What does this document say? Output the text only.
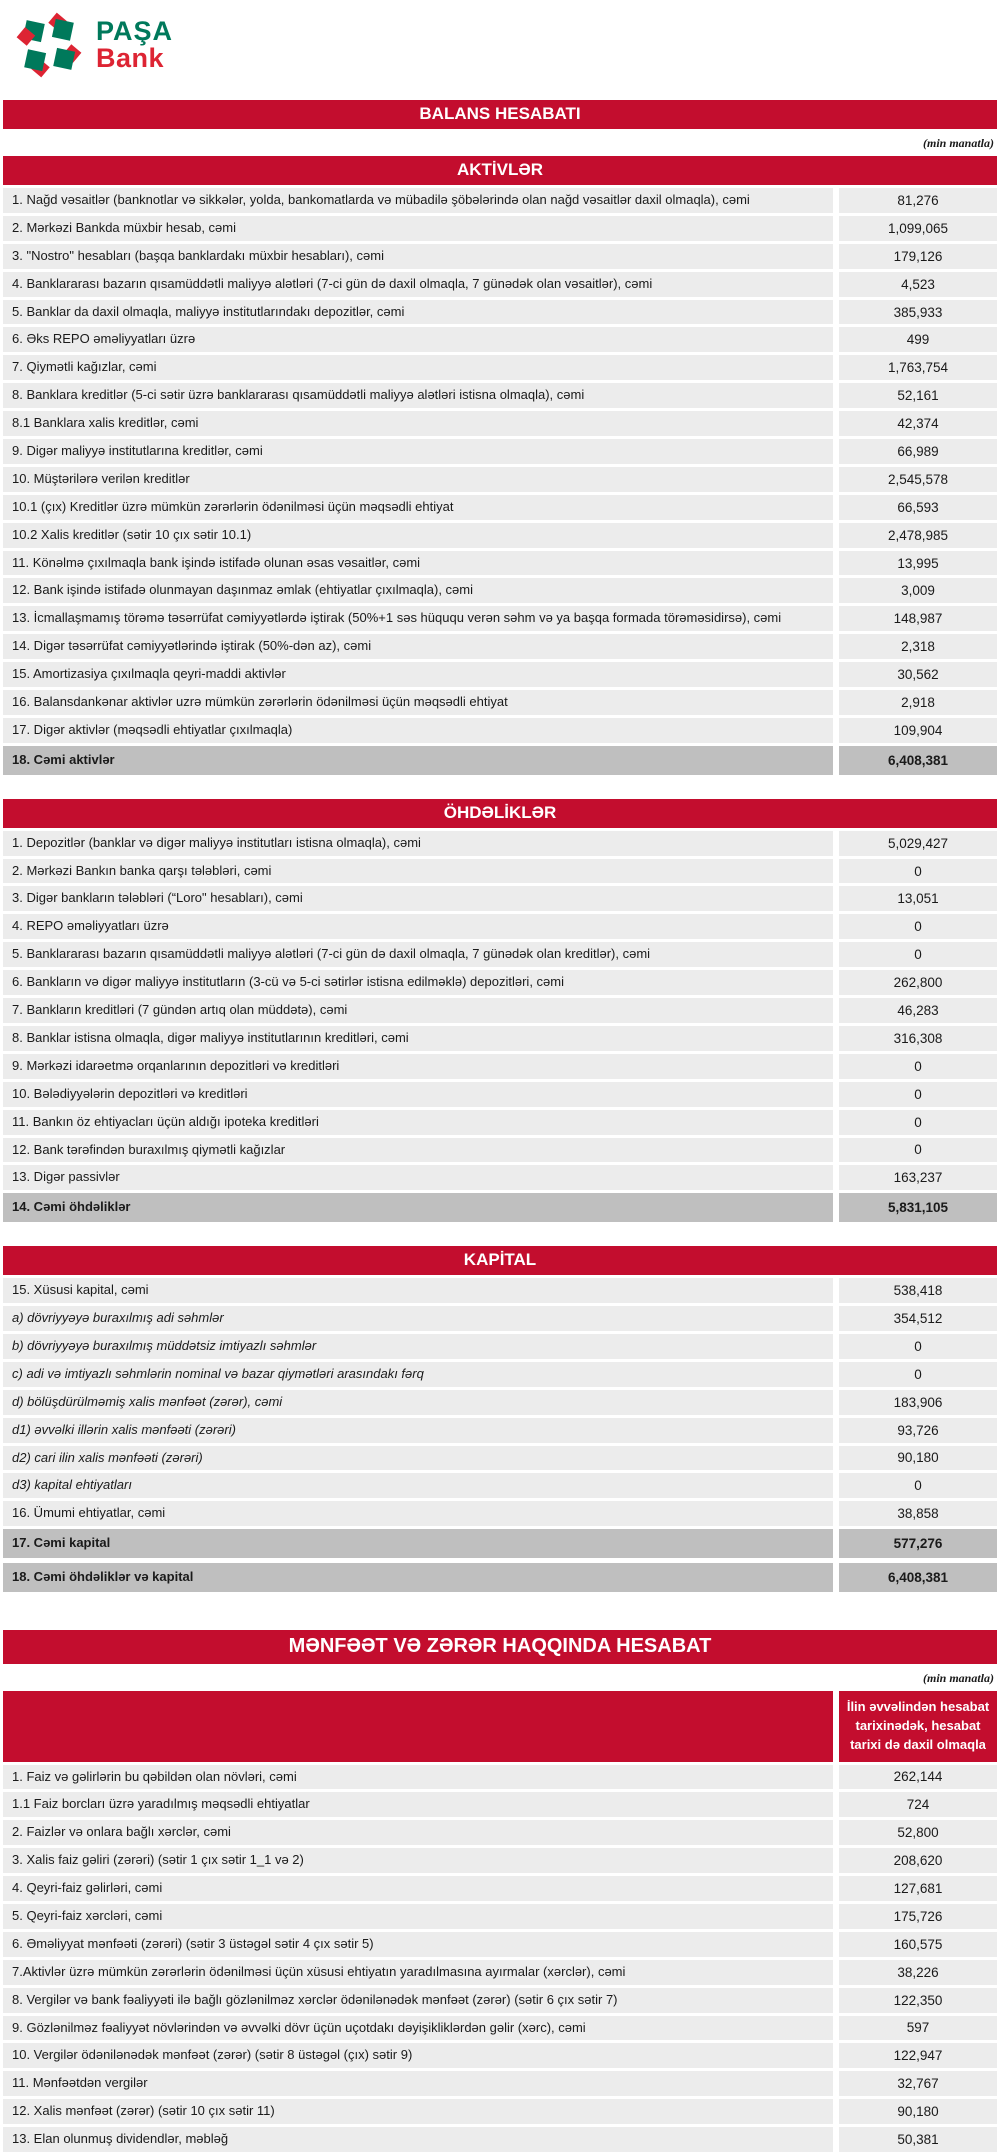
PAŞA
Bank
BALANS HESABATI
(min manatla)
AKTİVLƏR
1. Nağd vəsaitlər (banknotlar və sikkələr, yolda, bankomatlarda və mübadilə şöbələrində olan nağd vəsaitlər daxil olmaqla), cəmi	81,276
2. Mərkəzi Bankda müxbir hesab, cəmi	1,099,065
3. "Nostro" hesabları (başqa banklardakı müxbir hesabları), cəmi	179,126
4. Banklararası bazarın qısamüddətli maliyyə alətləri (7-ci gün də daxil olmaqla, 7 günədək olan vəsaitlər), cəmi	4,523
5. Banklar da daxil olmaqla, maliyyə institutlarındakı depozitlər, cəmi	385,933
6. Əks REPO əməliyyatları üzrə	499
7. Qiymətli kağızlar, cəmi	1,763,754
8. Banklara kreditlər (5-ci sətir üzrə banklararası qısamüddətli maliyyə alətləri istisna olmaqla), cəmi	52,161
8.1 Banklara xalis kreditlər, cəmi	42,374
9. Digər maliyyə institutlarına kreditlər, cəmi	66,989
10. Müştərilərə verilən kreditlər	2,545,578
10.1 (çıx) Kreditlər üzrə mümkün zərərlərin ödənilməsi üçün məqsədli ehtiyat	66,593
10.2 Xalis kreditlər (sətir 10 çıx sətir 10.1)	2,478,985
11. Könəlmə çıxılmaqla bank işində istifadə olunan əsas vəsaitlər, cəmi	13,995
12. Bank işində istifadə olunmayan daşınmaz əmlak (ehtiyatlar çıxılmaqla), cəmi	3,009
13. İcmallaşmamış törəmə təsərrüfat cəmiyyətlərdə iştirak (50%+1 səs hüququ verən səhm və ya başqa formada törəməsidirsə), cəmi	148,987
14. Digər təsərrüfat cəmiyyətlərində iştirak (50%-dən az), cəmi	2,318
15. Amortizasiya çıxılmaqla qeyri-maddi aktivlər	30,562
16. Balansdankənar aktivlər uzrə mümkün zərərlərin ödənilməsi üçün məqsədli ehtiyat	2,918
17. Digər aktivlər (məqsədli ehtiyatlar çıxılmaqla)	109,904
18. Cəmi aktivlər	6,408,381
ÖHDƏLİKLƏR
1. Depozitlər (banklar və digər maliyyə institutları istisna olmaqla), cəmi	5,029,427
2. Mərkəzi Bankın banka qarşı tələbləri, cəmi	0
3. Digər bankların tələbləri (“Loro" hesabları), cəmi	13,051
4. REPO əməliyyatları üzrə	0
5. Banklararası bazarın qısamüddətli maliyyə alətləri (7-ci gün də daxil olmaqla, 7 günədək olan kreditlər), cəmi	0
6. Bankların və digər maliyyə institutların (3-cü və 5-ci sətirlər istisna edilməklə) depozitləri, cəmi	262,800
7. Bankların kreditləri (7 gündən artıq olan müddətə), cəmi	46,283
8. Banklar istisna olmaqla, digər maliyyə institutlarının kreditləri, cəmi	316,308
9. Mərkəzi idarəetmə orqanlarının depozitləri və kreditləri	0
10. Bələdiyyələrin depozitləri və kreditləri	0
11. Bankın öz ehtiyacları üçün aldığı ipoteka kreditləri	0
12. Bank tərəfindən buraxılmış qiymətli kağızlar	0
13. Digər passivlər	163,237
14. Cəmi öhdəliklər	5,831,105
KAPİTAL
15. Xüsusi kapital, cəmi	538,418
a) dövriyyəyə buraxılmış adi səhmlər	354,512
b) dövriyyəyə buraxılmış müddətsiz imtiyazlı səhmlər	0
c) adi və imtiyazlı səhmlərin nominal və bazar qiymətləri arasındakı fərq	0
d) bölüşdürülməmiş xalis mənfəət (zərər), cəmi	183,906
d1) əvvəlki illərin xalis mənfəəti (zərəri)	93,726
d2) cari ilin xalis mənfəəti (zərəri)	90,180
d3) kapital ehtiyatları	0
16. Ümumi ehtiyatlar, cəmi	38,858
17. Cəmi kapital	577,276
18. Cəmi öhdəliklər və kapital	6,408,381
MƏNFƏƏT VƏ ZƏRƏR HAQQINDA HESABAT
(min manatla)
İlin əvvəlindən hesabat tarixinədək, hesabat tarixi də daxil olmaqla
1. Faiz və gəlirlərin bu qəbildən olan növləri, cəmi	262,144
1.1 Faiz borcları üzrə yaradılmış məqsədli ehtiyatlar	724
2. Faizlər və onlara bağlı xərclər, cəmi	52,800
3. Xalis faiz gəliri (zərəri) (sətir 1 çıx sətir 1_1 və 2)	208,620
4. Qeyri-faiz gəlirləri, cəmi	127,681
5. Qeyri-faiz xərcləri, cəmi	175,726
6. Əməliyyat mənfəəti (zərəri) (sətir 3 üstəgəl sətir 4 çıx sətir 5)	160,575
7.Aktivlər üzrə mümkün zərərlərin ödənilməsi üçün xüsusi ehtiyatın yaradılmasına ayırmalar (xərclər), cəmi	38,226
8. Vergilər və bank fəaliyyəti ilə bağlı gözlənilməz xərclər ödənilənədək mənfəət (zərər) (sətir 6 çıx sətir 7)	122,350
9. Gözlənilməz fəaliyyət növlərindən və əvvəlki dövr üçün uçotdakı dəyişikliklərdən gəlir (xərc), cəmi	597
10. Vergilər ödənilənədək mənfəət (zərər) (sətir 8 üstəgəl (çıx) sətir 9)	122,947
11. Mənfəətdən vergilər	32,767
12. Xalis mənfəət (zərər) (sətir 10 çıx sətir 11)	90,180
13. Elan olunmuş dividendlər, məbləğ	50,381
